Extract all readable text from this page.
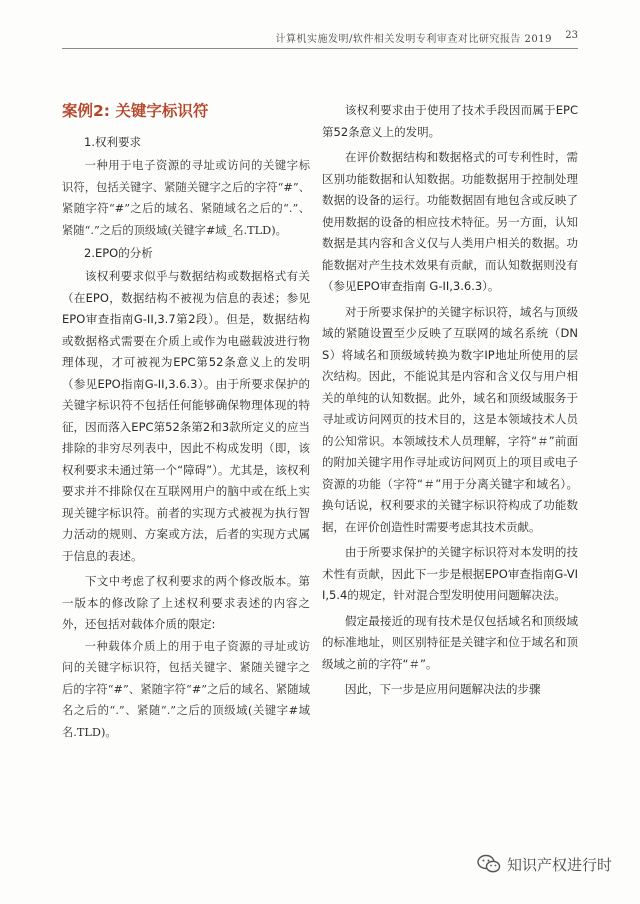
计算机实施发明/软件相关发明专利审查对比研究报告 2019 23
案例2: 关键字标识符
1.权利要求

一种用于电子资源的寻址或访问的关键字标识符，包括关键字、紧随关键字之后的字符“#”、紧随字符“#”之后的域名、紧随域名之后的“.”、紧随“.”之后的顶级域(关键字#域_名.TLD)。

2.EPO的分析

该权利要求似乎与数据结构或数据格式有关（在EPO，数据结构不被视为信息的表述；参见EPO审查指南G-II,3.7第2段）。但是，数据结构或数据格式需要在介质上或作为电磁载波进行物理体现，才可被视为EPC第52条意义上的发明（参见EPO指南G-II,3.6.3）。由于所要求保护的关键字标识符不包括任何能够确保物理体现的特征，因而落入EPC第52条第2和3款所定义的应当排除的非穷尽列表中，因此不构成发明（即，该权利要求未通过第一个“障碍”）。尤其是，该权利要求并不排除仅在互联网用户的脑中或在纸上实现关键字标识符。前者的实现方式被视为执行智力活动的规则、方案或方法，后者的实现方式属于信息的表述。

下文中考虑了权利要求的两个修改版本。第一版本的修改除了上述权利要求表述的内容之外，还包括对载体介质的限定:

一种载体介质上的用于电子资源的寻址或访问的关键字标识符，包括关键字、紧随关键字之后的字符“#”、紧随字符“#”之后的域名、紧随域名之后的“.”、紧随“.”之后的顶级域(关键字#域名.TLD)。

该权利要求由于使用了技术手段因而属于EPC第52条意义上的发明。

在评价数据结构和数据格式的可专利性时，需区别功能数据和认知数据。功能数据用于控制处理数据的设备的运行。功能数据固有地包含或反映了使用数据的设备的相应技术特征。另一方面，认知数据是其内容和含义仅与人类用户相关的数据。功能数据对产生技术效果有贡献，而认知数据则没有（参见EPO审查指南 G-II,3.6.3）。

对于所要求保护的关键字标识符，域名与顶级域的紧随设置至少反映了互联网的域名系统（DNS）将域名和顶级域转换为数字IP地址所使用的层次结构。因此，不能说其是内容和含义仅与用户相关的单纯的认知数据。此外，域名和顶级域服务于寻址或访问网页的技术目的，这是本领域技术人员的公知常识。本领域技术人员理解，字符“＃”前面的附加关键字用作寻址或访问网页上的项目或电子资源的功能（字符“＃”用于分离关键字和域名）。换句话说，权利要求的关键字标识符构成了功能数据，在评价创造性时需要考虑其技术贡献。

由于所要求保护的关键字标识符对本发明的技术性有贡献，因此下一步是根据EPO审查指南G-VII,5.4的规定，针对混合型发明使用问题解决法。

假定最接近的现有技术是仅包括域名和顶级域的标准地址，则区别特征是关键字和位于域名和顶级域之前的字符“＃”。

因此，下一步是应用问题解决法的步骤

知识产权进行时
